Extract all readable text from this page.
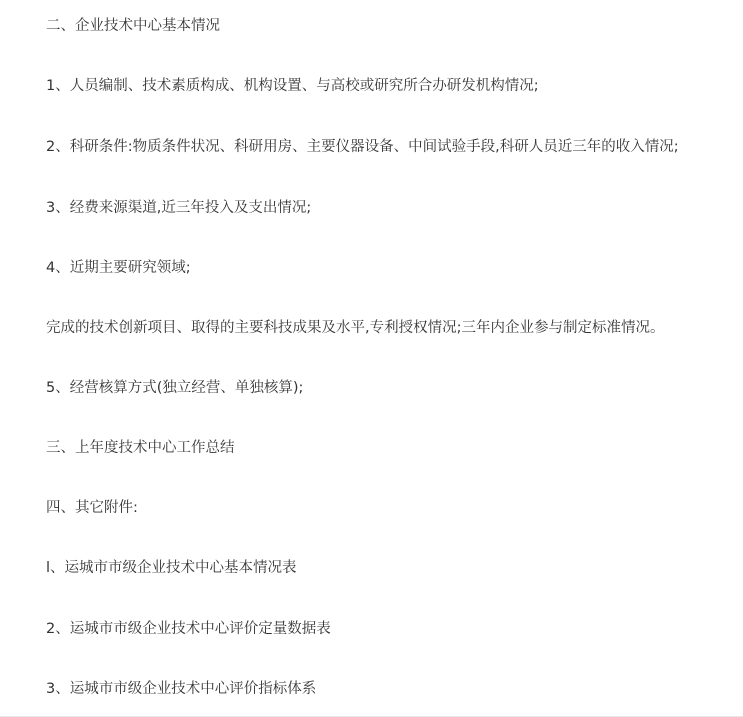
二、企业技术中心基本情况
1、人员编制、技术素质构成、机构设置、与高校或研究所合办研发机构情况;
2、科研条件:物质条件状况、科研用房、主要仪器设备、中间试验手段,科研人员近三年的收入情况;
3、经费来源渠道,近三年投入及支出情况;
4、近期主要研究领域;
完成的技术创新项目、取得的主要科技成果及水平,专利授权情况;三年内企业参与制定标准情况。
5、经营核算方式(独立经营、单独核算);
三、上年度技术中心工作总结
四、其它附件:
l、运城市市级企业技术中心基本情况表
2、运城市市级企业技术中心评价定量数据表
3、运城市市级企业技术中心评价指标体系
